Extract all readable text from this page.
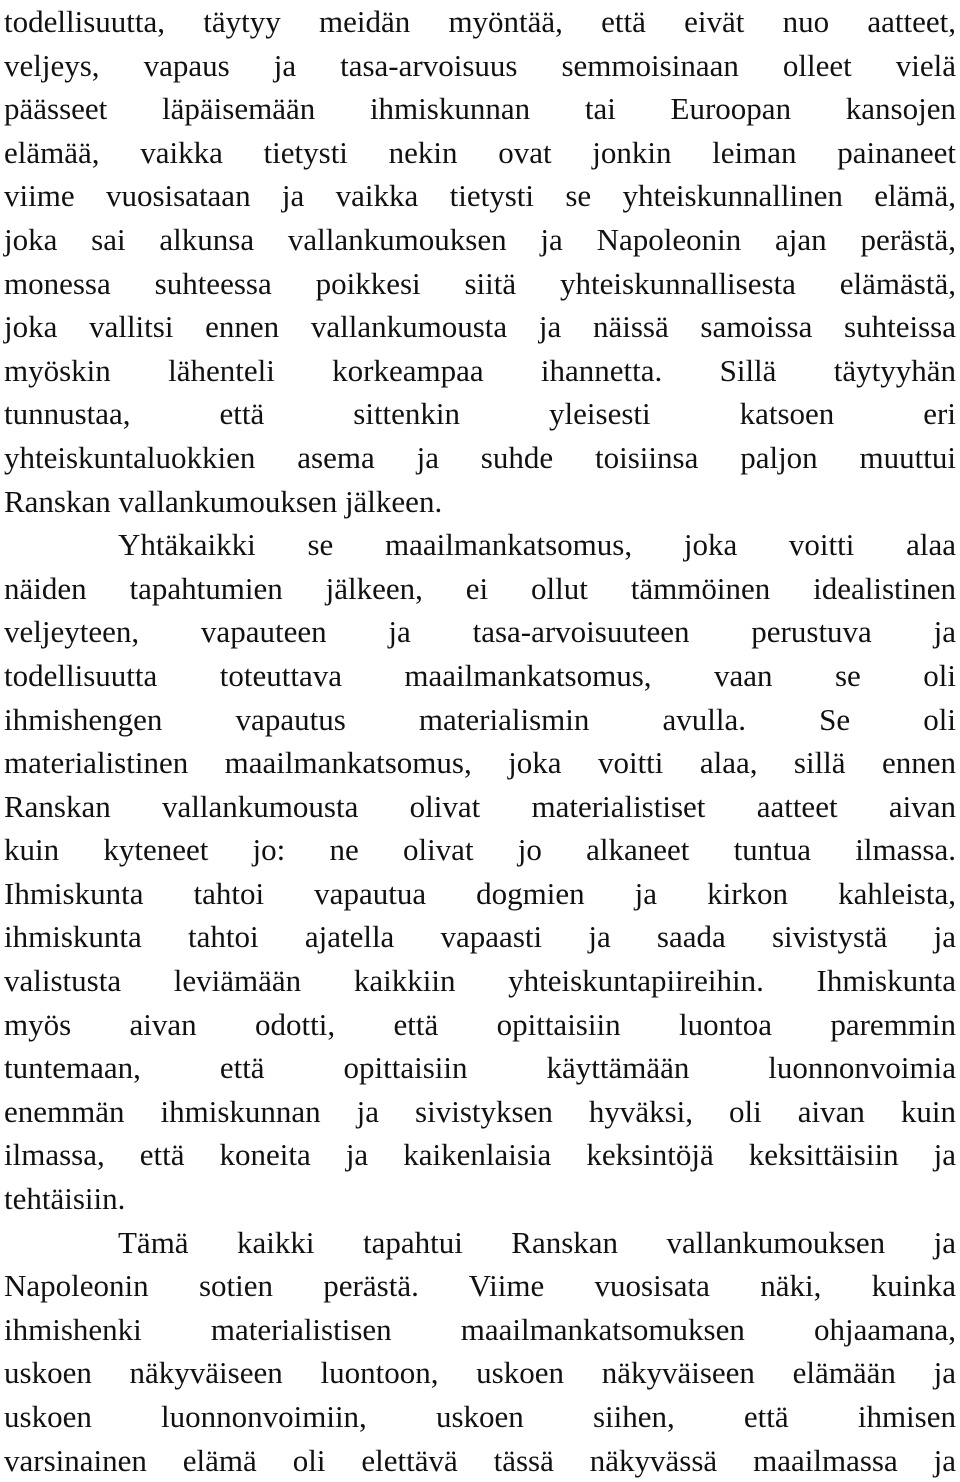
todellisuutta, täytyy meidän myöntää, että eivät nuo aatteet,
veljeys, vapaus ja tasa-arvoisuus semmoisinaan olleet vielä
päässeet läpäisemään ihmiskunnan tai Euroopan kansojen
elämää, vaikka tietysti nekin ovat jonkin leiman painaneet
viime vuosisataan ja vaikka tietysti se yhteiskunnallinen elämä,
joka sai alkunsa vallankumouksen ja Napoleonin ajan perästä,
monessa suhteessa poikkesi siitä yhteiskunnallisesta elämästä,
joka vallitsi ennen vallankumousta ja näissä samoissa suhteissa
myöskin lähenteli korkeampaa ihannetta. Sillä täytyyhän
tunnustaa, että sittenkin yleisesti katsoen eri
yhteiskuntaluokkien asema ja suhde toisiinsa paljon muuttui
Ranskan vallankumouksen jälkeen.
Yhtäkaikki se maailmankatsomus, joka voitti alaa
näiden tapahtumien jälkeen, ei ollut tämmöinen idealistinen
veljeyteen, vapauteen ja tasa-arvoisuuteen perustuva ja
todellisuutta toteuttava maailmankatsomus, vaan se oli
ihmishengen vapautus materialismin avulla. Se oli
materialistinen maailmankatsomus, joka voitti alaa, sillä ennen
Ranskan vallankumousta olivat materialistiset aatteet aivan
kuin kyteneet jo: ne olivat jo alkaneet tuntua ilmassa.
Ihmiskunta tahtoi vapautua dogmien ja kirkon kahleista,
ihmiskunta tahtoi ajatella vapaasti ja saada sivistystä ja
valistusta leviämään kaikkiin yhteiskuntapiireihin. Ihmiskunta
myös aivan odotti, että opittaisiin luontoa paremmin
tuntemaan, että opittaisiin käyttämään luonnonvoimia
enemmän ihmiskunnan ja sivistyksen hyväksi, oli aivan kuin
ilmassa, että koneita ja kaikenlaisia keksintöjä keksittäisiin ja
tehtäisiin.
Tämä kaikki tapahtui Ranskan vallankumouksen ja
Napoleonin sotien perästä. Viime vuosisata näki, kuinka
ihmishenki materialistisen maailmankatsomuksen ohjaamana,
uskoen näkyväiseen luontoon, uskoen näkyväiseen elämään ja
uskoen luonnonvoimiin, uskoen siihen, että ihmisen
varsinainen elämä oli elettävä tässä näkyvässä maailmassa ja
